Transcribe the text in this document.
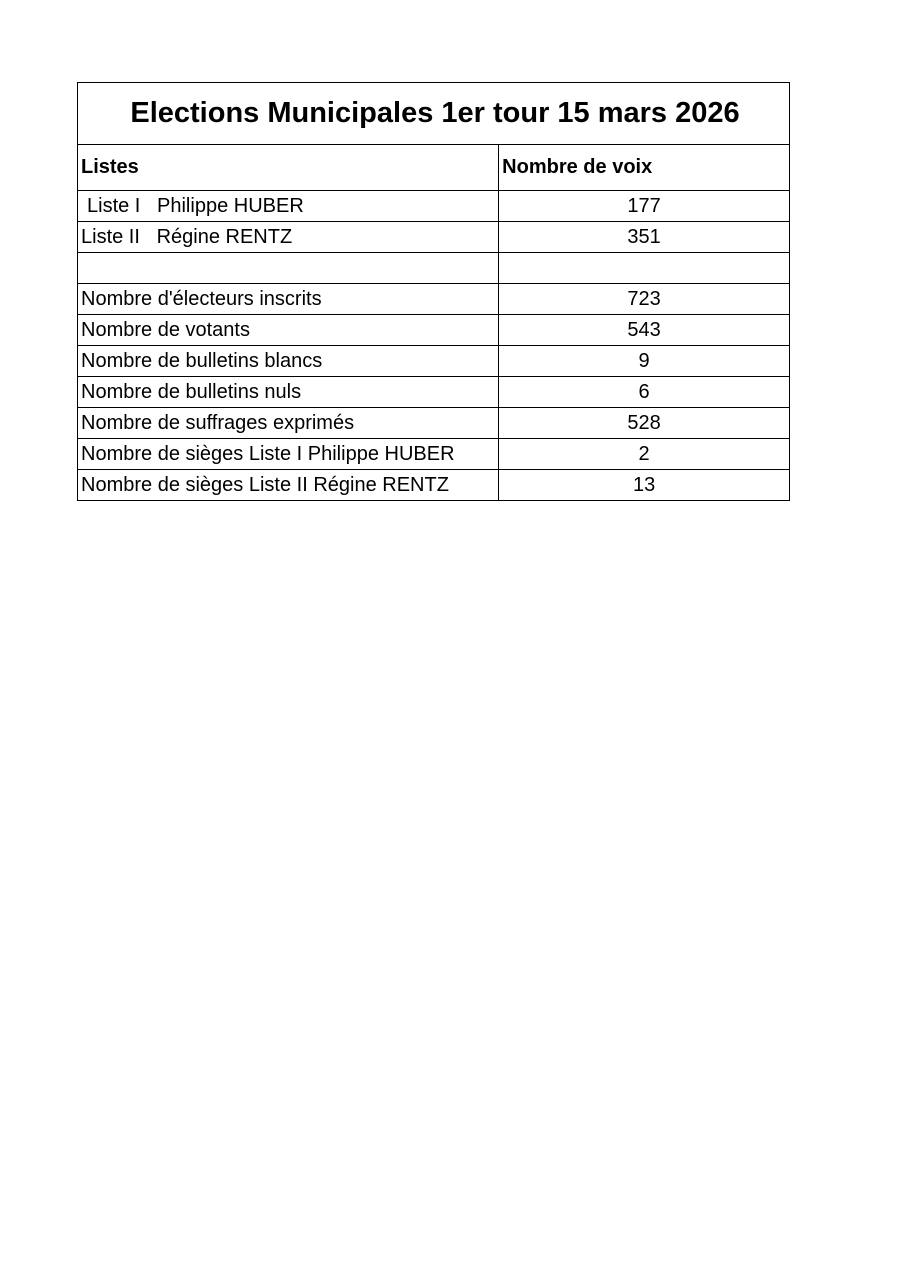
Elections Municipales 1er tour 15 mars 2026	
Listes	Nombre de voix
Liste I   Philippe HUBER	177
Liste II   Régine RENTZ	351

Nombre d'électeurs inscrits	723
Nombre de votants	543
Nombre de bulletins blancs	9
Nombre de bulletins nuls	6
Nombre de suffrages exprimés	528
Nombre de sièges Liste I Philippe HUBER	2
Nombre de sièges Liste II Régine RENTZ	13
